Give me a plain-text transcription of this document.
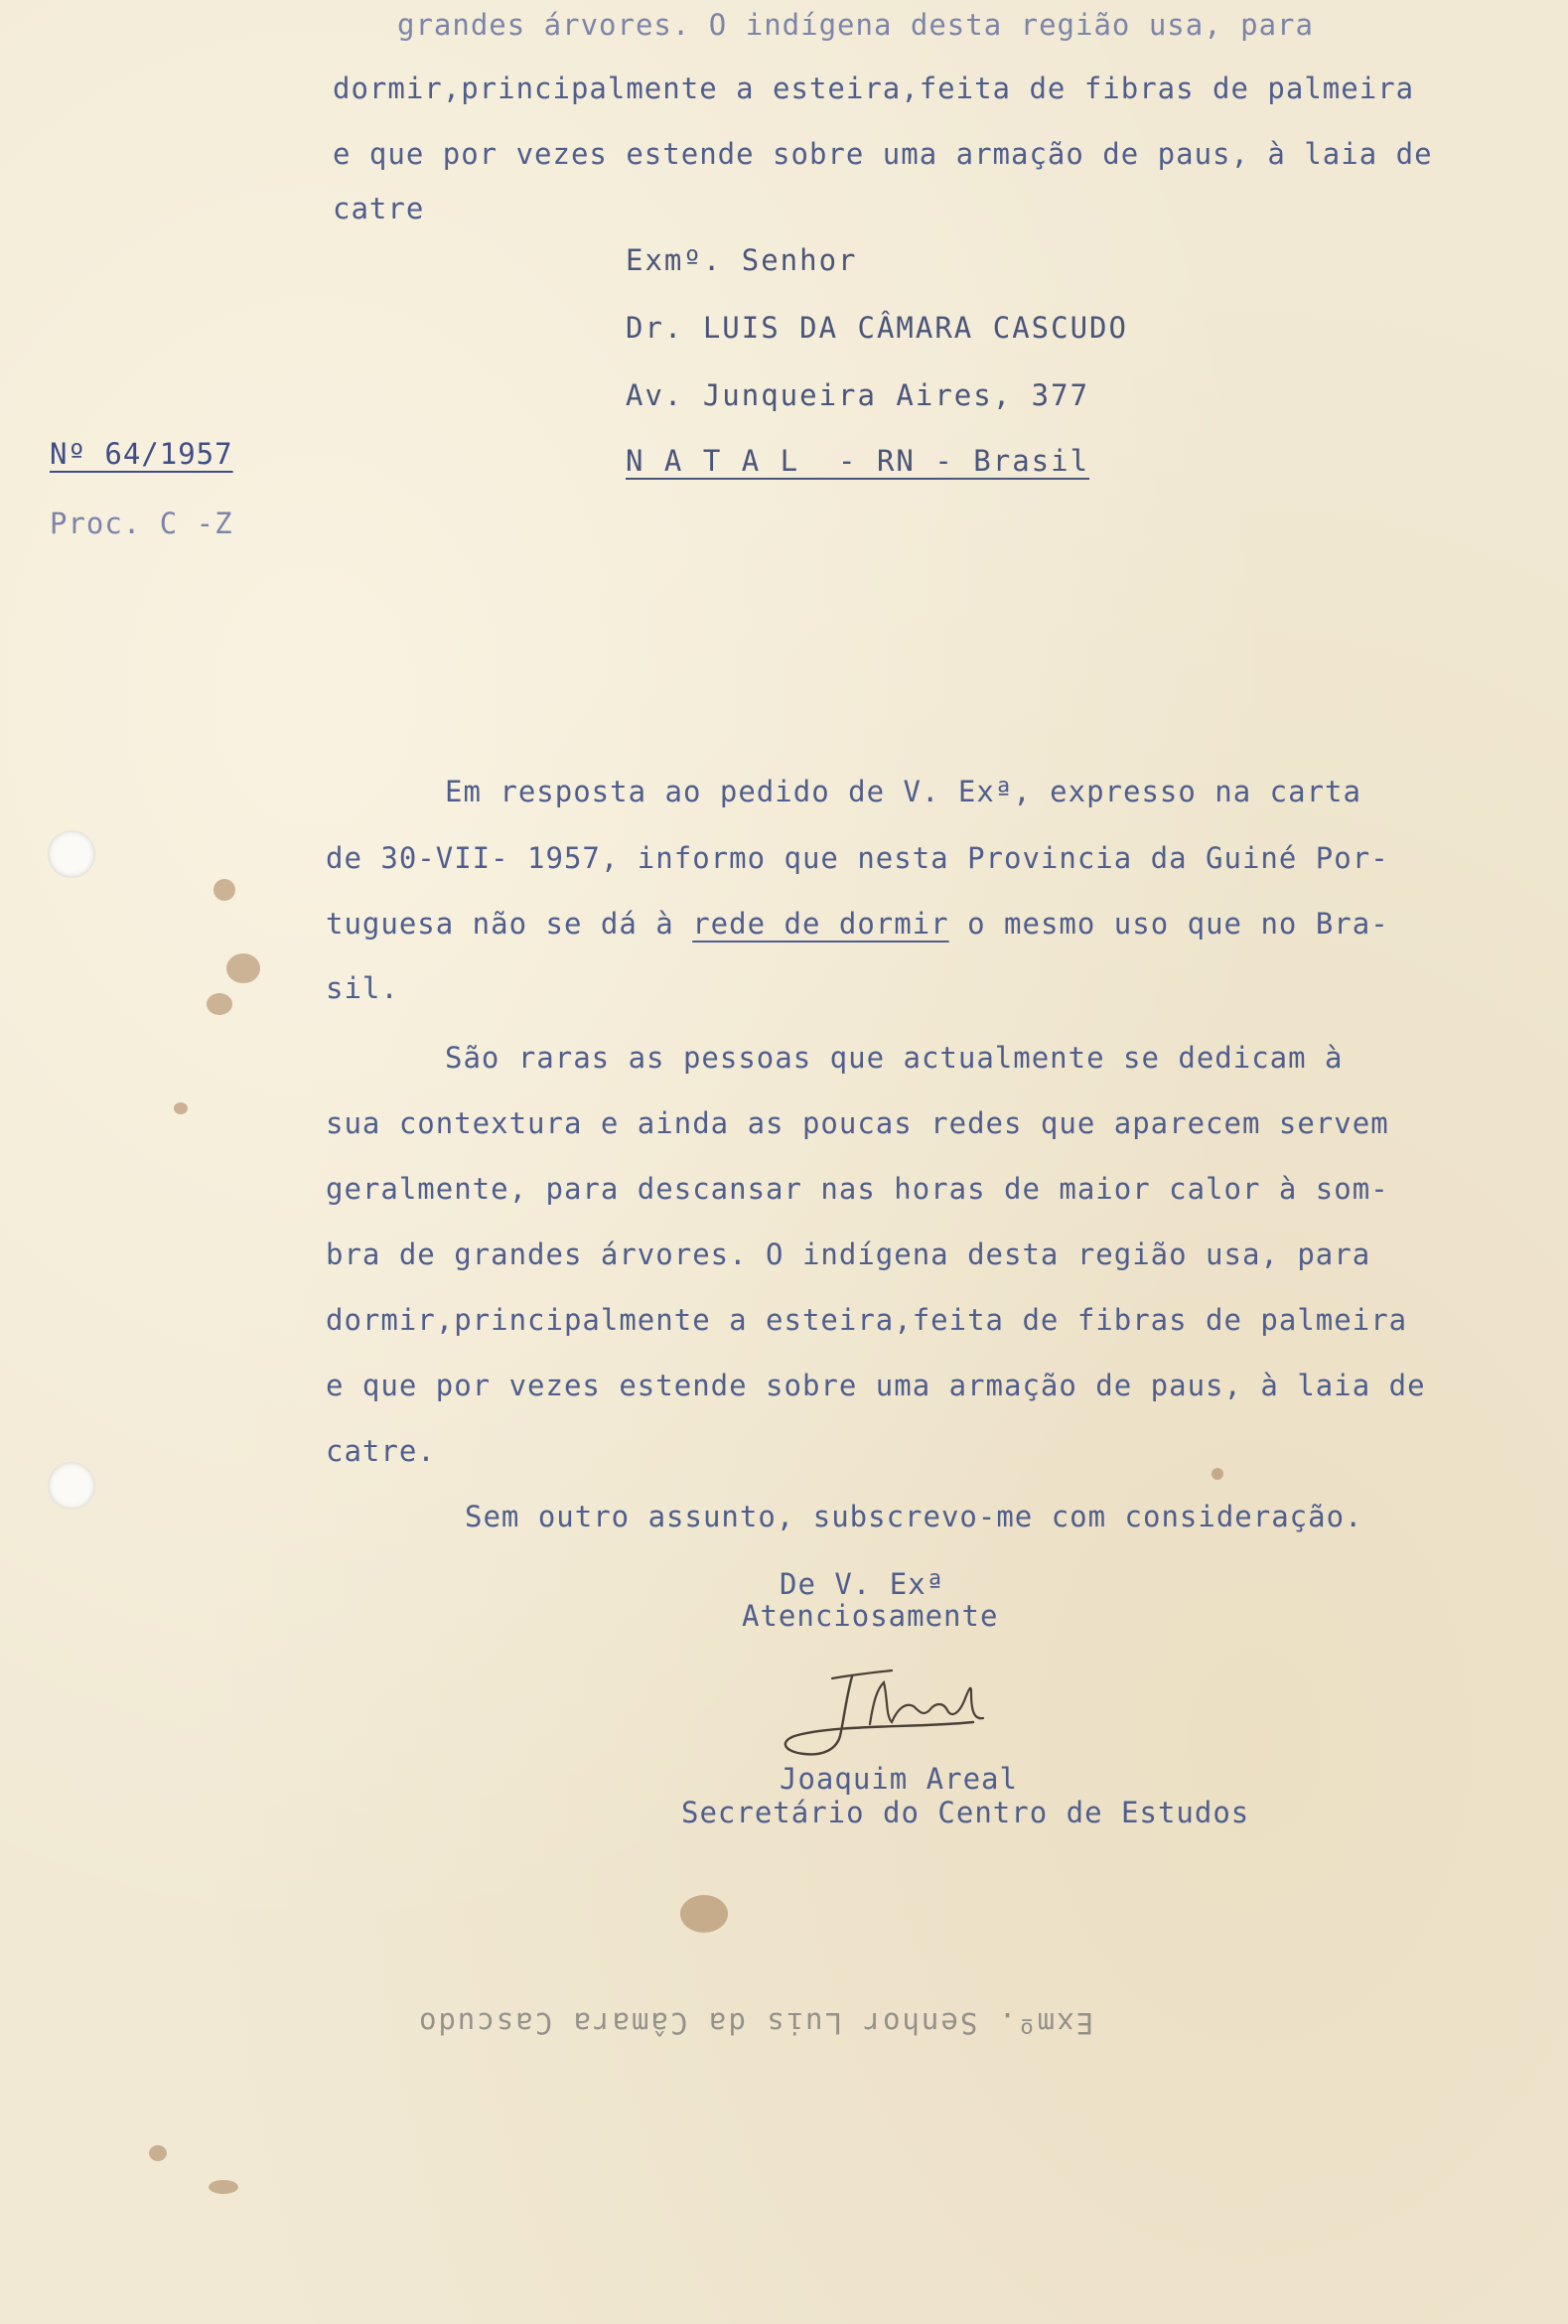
grandes árvores. O indígena desta região usa, para
dormir,principalmente a esteira,feita de fibras de palmeira
e que por vezes estende sobre uma armação de paus, à laia de
catre
Exmº. Senhor
Dr. LUIS DA CÂMARA CASCUDO
Av. Junqueira Aires, 377
N A T A L  - RN - Brasil
Nº 64/1957
Proc. C -Z
Em resposta ao pedido de V. Exª, expresso na carta
de 30-VII- 1957, informo que nesta Provincia da Guiné Por-
tuguesa não se dá à rede de dormir o mesmo uso que no Bra-
sil.
São raras as pessoas que actualmente se dedicam à
sua contextura e ainda as poucas redes que aparecem servem
geralmente, para descansar nas horas de maior calor à som-
bra de grandes árvores. O indígena desta região usa, para
dormir,principalmente a esteira,feita de fibras de palmeira
e que por vezes estende sobre uma armação de paus, à laia de
catre.
Sem outro assunto, subscrevo-me com consideração.
De V. Exª
Atenciosamente
Joaquim Areal
Secretário do Centro de Estudos
Exmº. Senhor Luis da Câmara Cascudo
